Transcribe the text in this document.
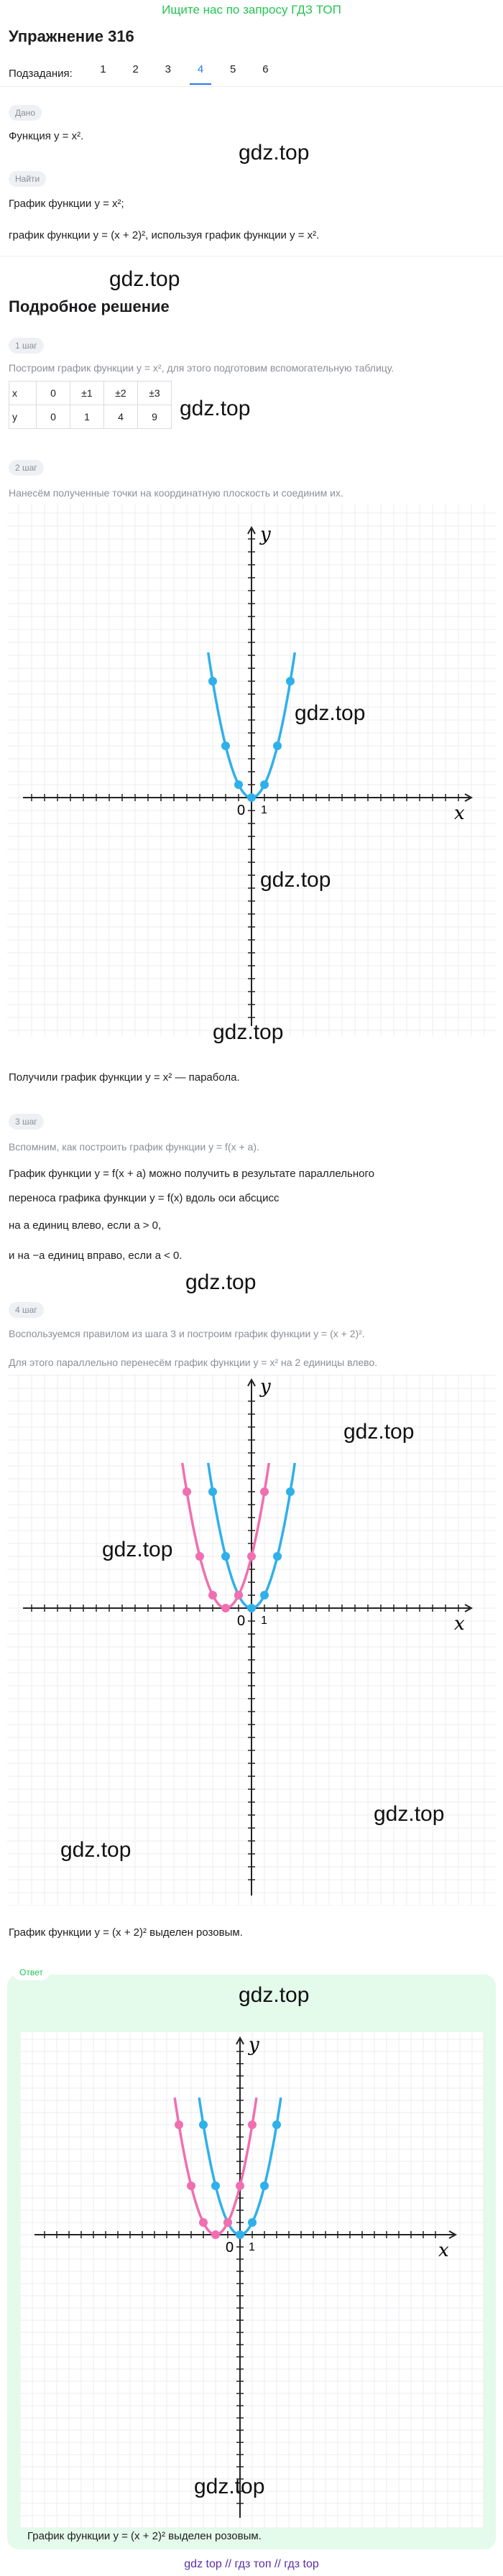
Ищите нас по запросу ГДЗ ТОП
Упражнение 316
Подзадания:	1	2	3	4	5	6
Дано
Функция y = x².
gdz.top
Найти
График функции y = x²;
график функции y = (x + 2)², используя график функции y = x².
gdz.top
Подробное решение
1 шаг
Построим график функции y = x², для этого подготовим вспомогательную таблицу.
x	0	±1	±2	±3
y	0	1	4	9 gdz.top
2 шаг
Нанесём полученные точки на координатную плоскость и соединим их.
y
x
0 1
gdz.top
gdz.top
gdz.top
Получили график функции y = x² — парабола.
3 шаг
Вспомним, как построить график функции y = f(x + a).
График функции y = f(x + a) можно получить в результате параллельного
переноса графика функции y = f(x) вдоль оси абсцисс
на a единиц влево, если a > 0,
и на −a единиц вправо, если a < 0.
gdz.top
4 шаг
Воспользуемся правилом из шага 3 и построим график функции y = (x + 2)².
Для этого параллельно перенесём график функции y = x² на 2 единицы влево.
y
x
0 1
gdz.top
gdz.top
gdz.top
gdz.top
График функции y = (x + 2)² выделен розовым.
Ответ
gdz.top
y
x
0 1
gdz.top
График функции y = (x + 2)² выделен розовым.
gdz top // гдз топ // гдз top
